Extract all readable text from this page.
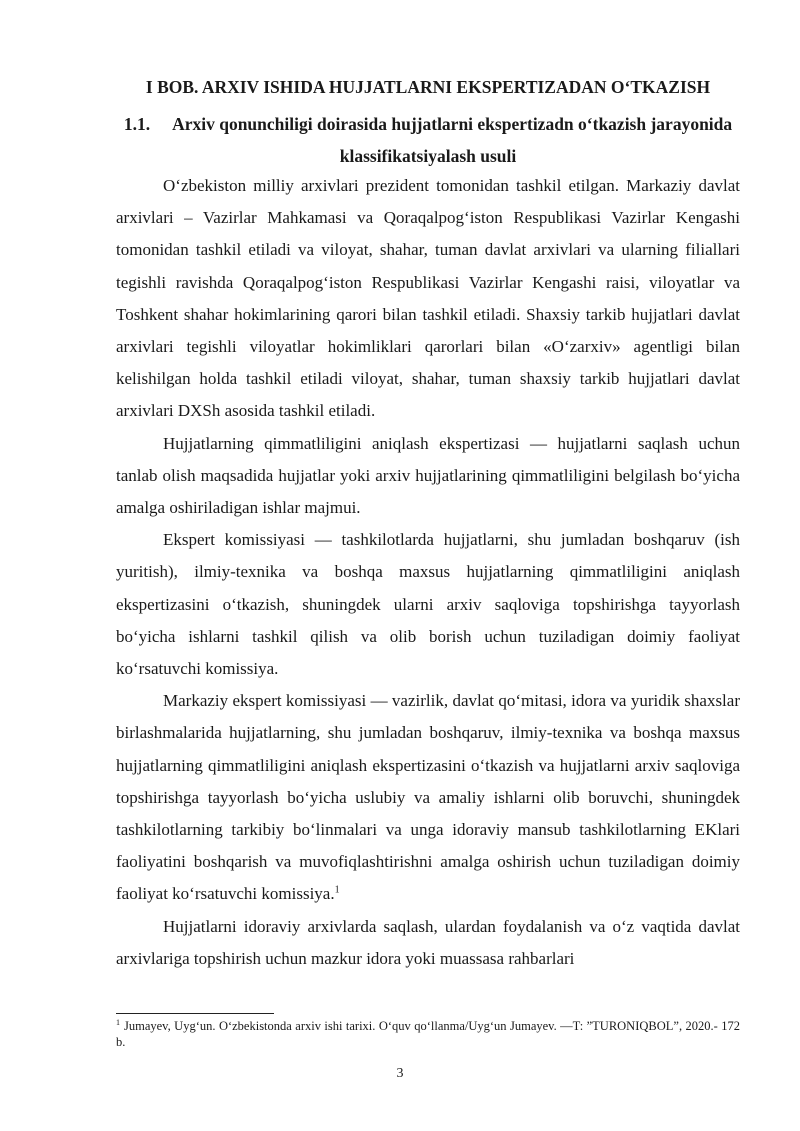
I BOB. ARXIV ISHIDA HUJJATLARNI EKSPERTIZADAN O‘TKAZISH
1.1. Arxiv qonunchiligi doirasida hujjatlarni ekspertizadn o‘tkazish jarayonida klassifikatsiyalash usuli

O‘zbekiston milliy arxivlari prezident tomonidan tashkil etilgan. Markaziy davlat arxivlari – Vazirlar Mahkamasi va Qoraqalpog‘iston Respublikasi Vazirlar Kengashi tomonidan tashkil etiladi va viloyat, shahar, tuman davlat arxivlari va ularning filiallari tegishli ravishda Qoraqalpog‘iston Respublikasi Vazirlar Kengashi raisi, viloyatlar va Toshkent shahar hokimlarining qarori bilan tashkil etiladi. Shaxsiy tarkib hujjatlari davlat arxivlari tegishli viloyatlar hokimliklari qarorlari bilan «O‘zarxiv» agentligi bilan kelishilgan holda tashkil etiladi viloyat, shahar, tuman shaxsiy tarkib hujjatlari davlat arxivlari DXSh asosida tashkil etiladi.

Hujjatlarning qimmatliligini aniqlash ekspertizasi — hujjatlarni saqlash uchun tanlab olish maqsadida hujjatlar yoki arxiv hujjatlarining qimmatliligini belgilash bo‘yicha amalga oshiriladigan ishlar majmui.

Ekspert komissiyasi — tashkilotlarda hujjatlarni, shu jumladan boshqaruv (ish yuritish), ilmiy-texnika va boshqa maxsus hujjatlarning qimmatliligini aniqlash ekspertizasini o‘tkazish, shuningdek ularni arxiv saqloviga topshirishga tayyorlash bo‘yicha ishlarni tashkil qilish va olib borish uchun tuziladigan doimiy faoliyat ko‘rsatuvchi komissiya.

Markaziy ekspert komissiyasi — vazirlik, davlat qo‘mitasi, idora va yuridik shaxslar birlashmalarida hujjatlarning, shu jumladan boshqaruv, ilmiy-texnika va boshqa maxsus hujjatlarning qimmatliligini aniqlash ekspertizasini o‘tkazish va hujjatlarni arxiv saqloviga topshirishga tayyorlash bo‘yicha uslubiy va amaliy ishlarni olib boruvchi, shuningdek tashkilotlarning tarkibiy bo‘linmalari va unga idoraviy mansub tashkilotlarning EKlari faoliyatini boshqarish va muvofiqlashtirishni amalga oshirish uchun tuziladigan doimiy faoliyat ko‘rsatuvchi komissiya.$^1$

Hujjatlarni idoraviy arxivlarda saqlash, ulardan foydalanish va o‘z vaqtida davlat arxivlariga topshirish uchun mazkur idora yoki muassasa rahbarlari

$^1$ Jumayev, Uyg‘un. O‘zbekistonda arxiv ishi tarixi. O‘quv qo‘llanma/Uyg‘un Jumayev. —T: ”TURONIQBOL”, 2020.- 172 b.
3
